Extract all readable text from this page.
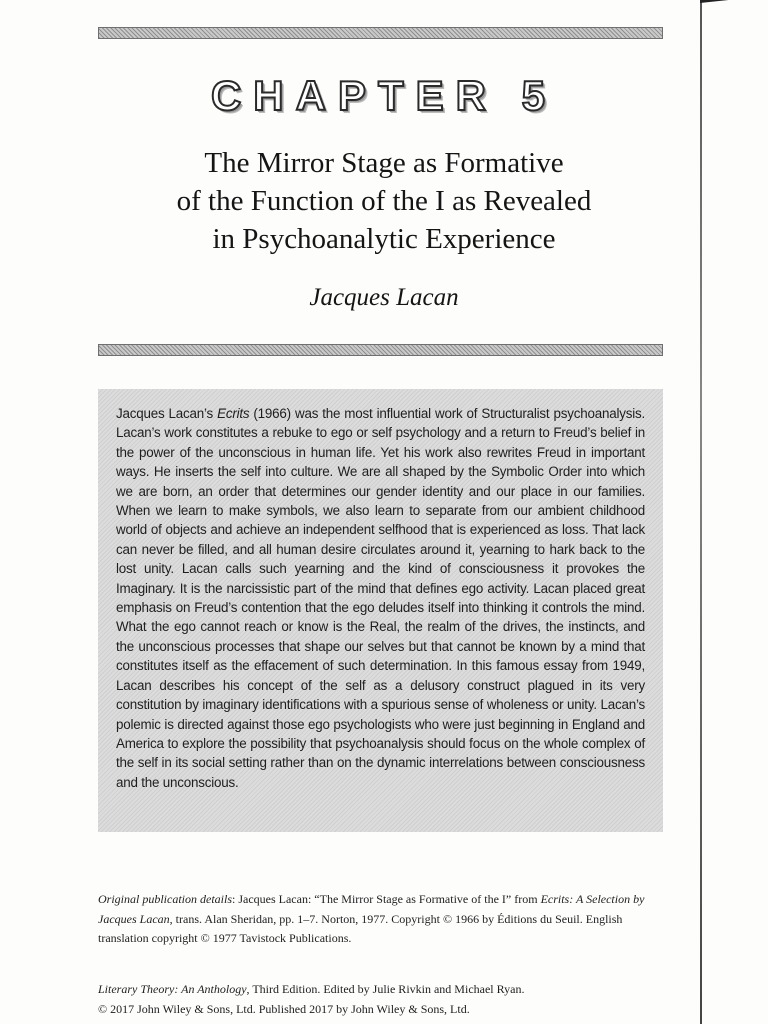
CHAPTER 5
The Mirror Stage as Formative
of the Function of the I as Revealed
in Psychoanalytic Experience
Jacques Lacan

Jacques Lacan’s Ecrits (1966) was the most influential work of Structuralist psychoanalysis. Lacan’s work constitutes a rebuke to ego or self psychology and a return to Freud’s belief in the power of the unconscious in human life. Yet his work also rewrites Freud in important ways. He inserts the self into culture. We are all shaped by the Symbolic Order into which we are born, an order that determines our gender identity and our place in our families. When we learn to make symbols, we also learn to separate from our ambient childhood world of objects and achieve an independent selfhood that is experienced as loss. That lack can never be filled, and all human desire circulates around it, yearning to hark back to the lost unity. Lacan calls such yearning and the kind of consciousness it provokes the Imaginary. It is the narcissistic part of the mind that defines ego activity. Lacan placed great emphasis on Freud’s contention that the ego deludes itself into thinking it controls the mind. What the ego cannot reach or know is the Real, the realm of the drives, the instincts, and the unconscious processes that shape our selves but that cannot be known by a mind that constitutes itself as the effacement of such determination. In this famous essay from 1949, Lacan describes his concept of the self as a delusory construct plagued in its very constitution by imaginary identifications with a spurious sense of wholeness or unity. Lacan’s polemic is directed against those ego psychologists who were just beginning in England and America to explore the possibility that psychoanalysis should focus on the whole complex of the self in its social setting rather than on the dynamic interrelations between consciousness and the unconscious.

Original publication details: Jacques Lacan: “The Mirror Stage as Formative of the I” from Ecrits: A Selection by Jacques Lacan, trans. Alan Sheridan, pp. 1–7. Norton, 1977. Copyright © 1966 by Éditions du Seuil. English translation copyright © 1977 Tavistock Publications.
Literary Theory: An Anthology, Third Edition. Edited by Julie Rivkin and Michael Ryan.
© 2017 John Wiley & Sons, Ltd. Published 2017 by John Wiley & Sons, Ltd.
